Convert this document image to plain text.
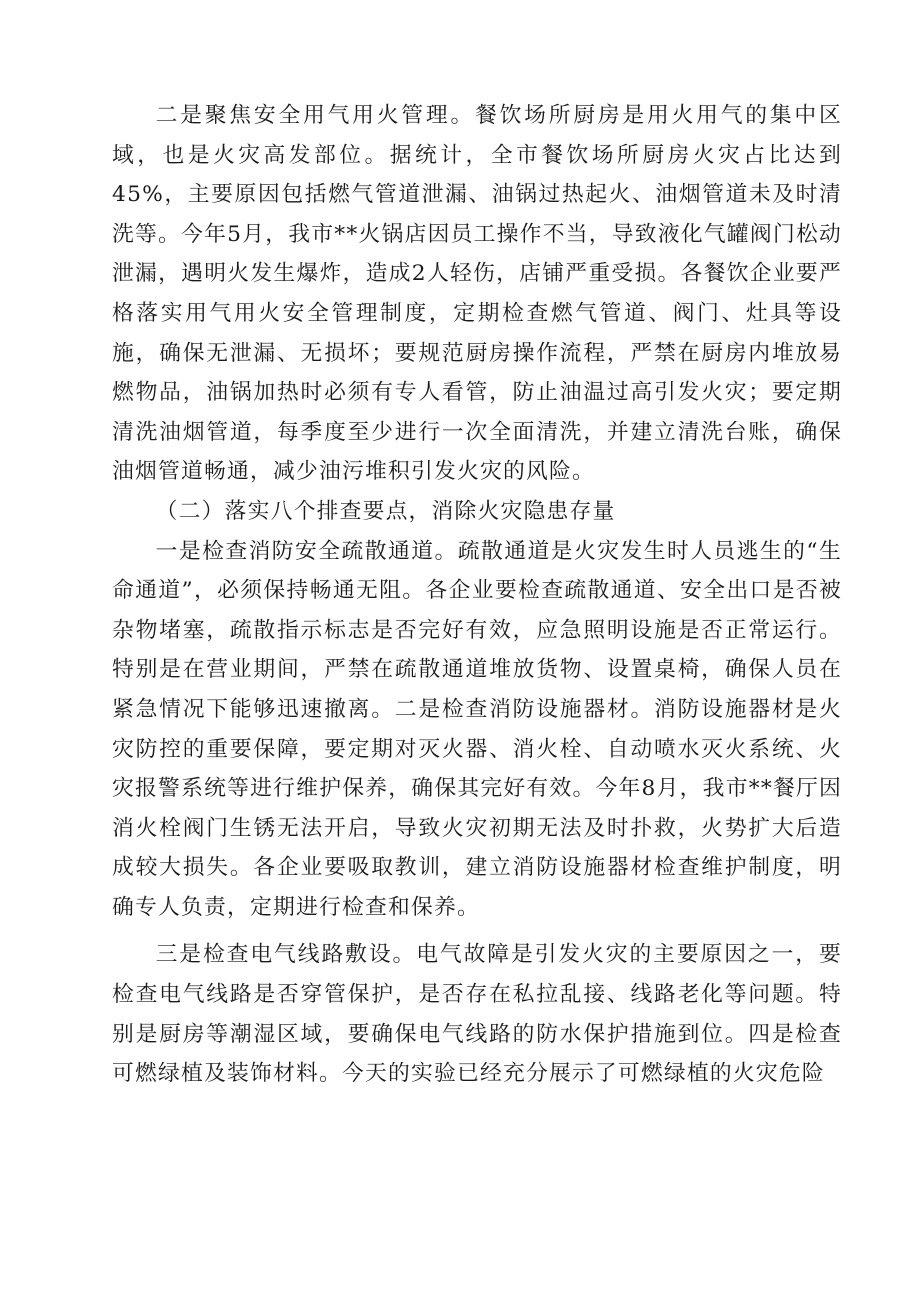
二是聚焦安全用气用火管理。餐饮场所厨房是用火用气的集中区域，也是火灾高发部位。据统计，全市餐饮场所厨房火灾占比达到45%，主要原因包括燃气管道泄漏、油锅过热起火、油烟管道未及时清洗等。今年5月，我市**火锅店因员工操作不当，导致液化气罐阀门松动泄漏，遇明火发生爆炸，造成2人轻伤，店铺严重受损。各餐饮企业要严格落实用气用火安全管理制度，定期检查燃气管道、阀门、灶具等设施，确保无泄漏、无损坏；要规范厨房操作流程，严禁在厨房内堆放易燃物品，油锅加热时必须有专人看管，防止油温过高引发火灾；要定期清洗油烟管道，每季度至少进行一次全面清洗，并建立清洗台账，确保油烟管道畅通，减少油污堆积引发火灾的风险。

（二）落实八个排查要点，消除火灾隐患存量

一是检查消防安全疏散通道。疏散通道是火灾发生时人员逃生的“生命通道”，必须保持畅通无阻。各企业要检查疏散通道、安全出口是否被杂物堵塞，疏散指示标志是否完好有效，应急照明设施是否正常运行。特别是在营业期间，严禁在疏散通道堆放货物、设置桌椅，确保人员在紧急情况下能够迅速撤离。二是检查消防设施器材。消防设施器材是火灾防控的重要保障，要定期对灭火器、消火栓、自动喷水灭火系统、火灾报警系统等进行维护保养，确保其完好有效。今年8月，我市**餐厅因消火栓阀门生锈无法开启，导致火灾初期无法及时扑救，火势扩大后造成较大损失。各企业要吸取教训，建立消防设施器材检查维护制度，明确专人负责，定期进行检查和保养。

三是检查电气线路敷设。电气故障是引发火灾的主要原因之一，要检查电气线路是否穿管保护，是否存在私拉乱接、线路老化等问题。特别是厨房等潮湿区域，要确保电气线路的防水保护措施到位。四是检查可燃绿植及装饰材料。今天的实验已经充分展示了可燃绿植的火灾危险
